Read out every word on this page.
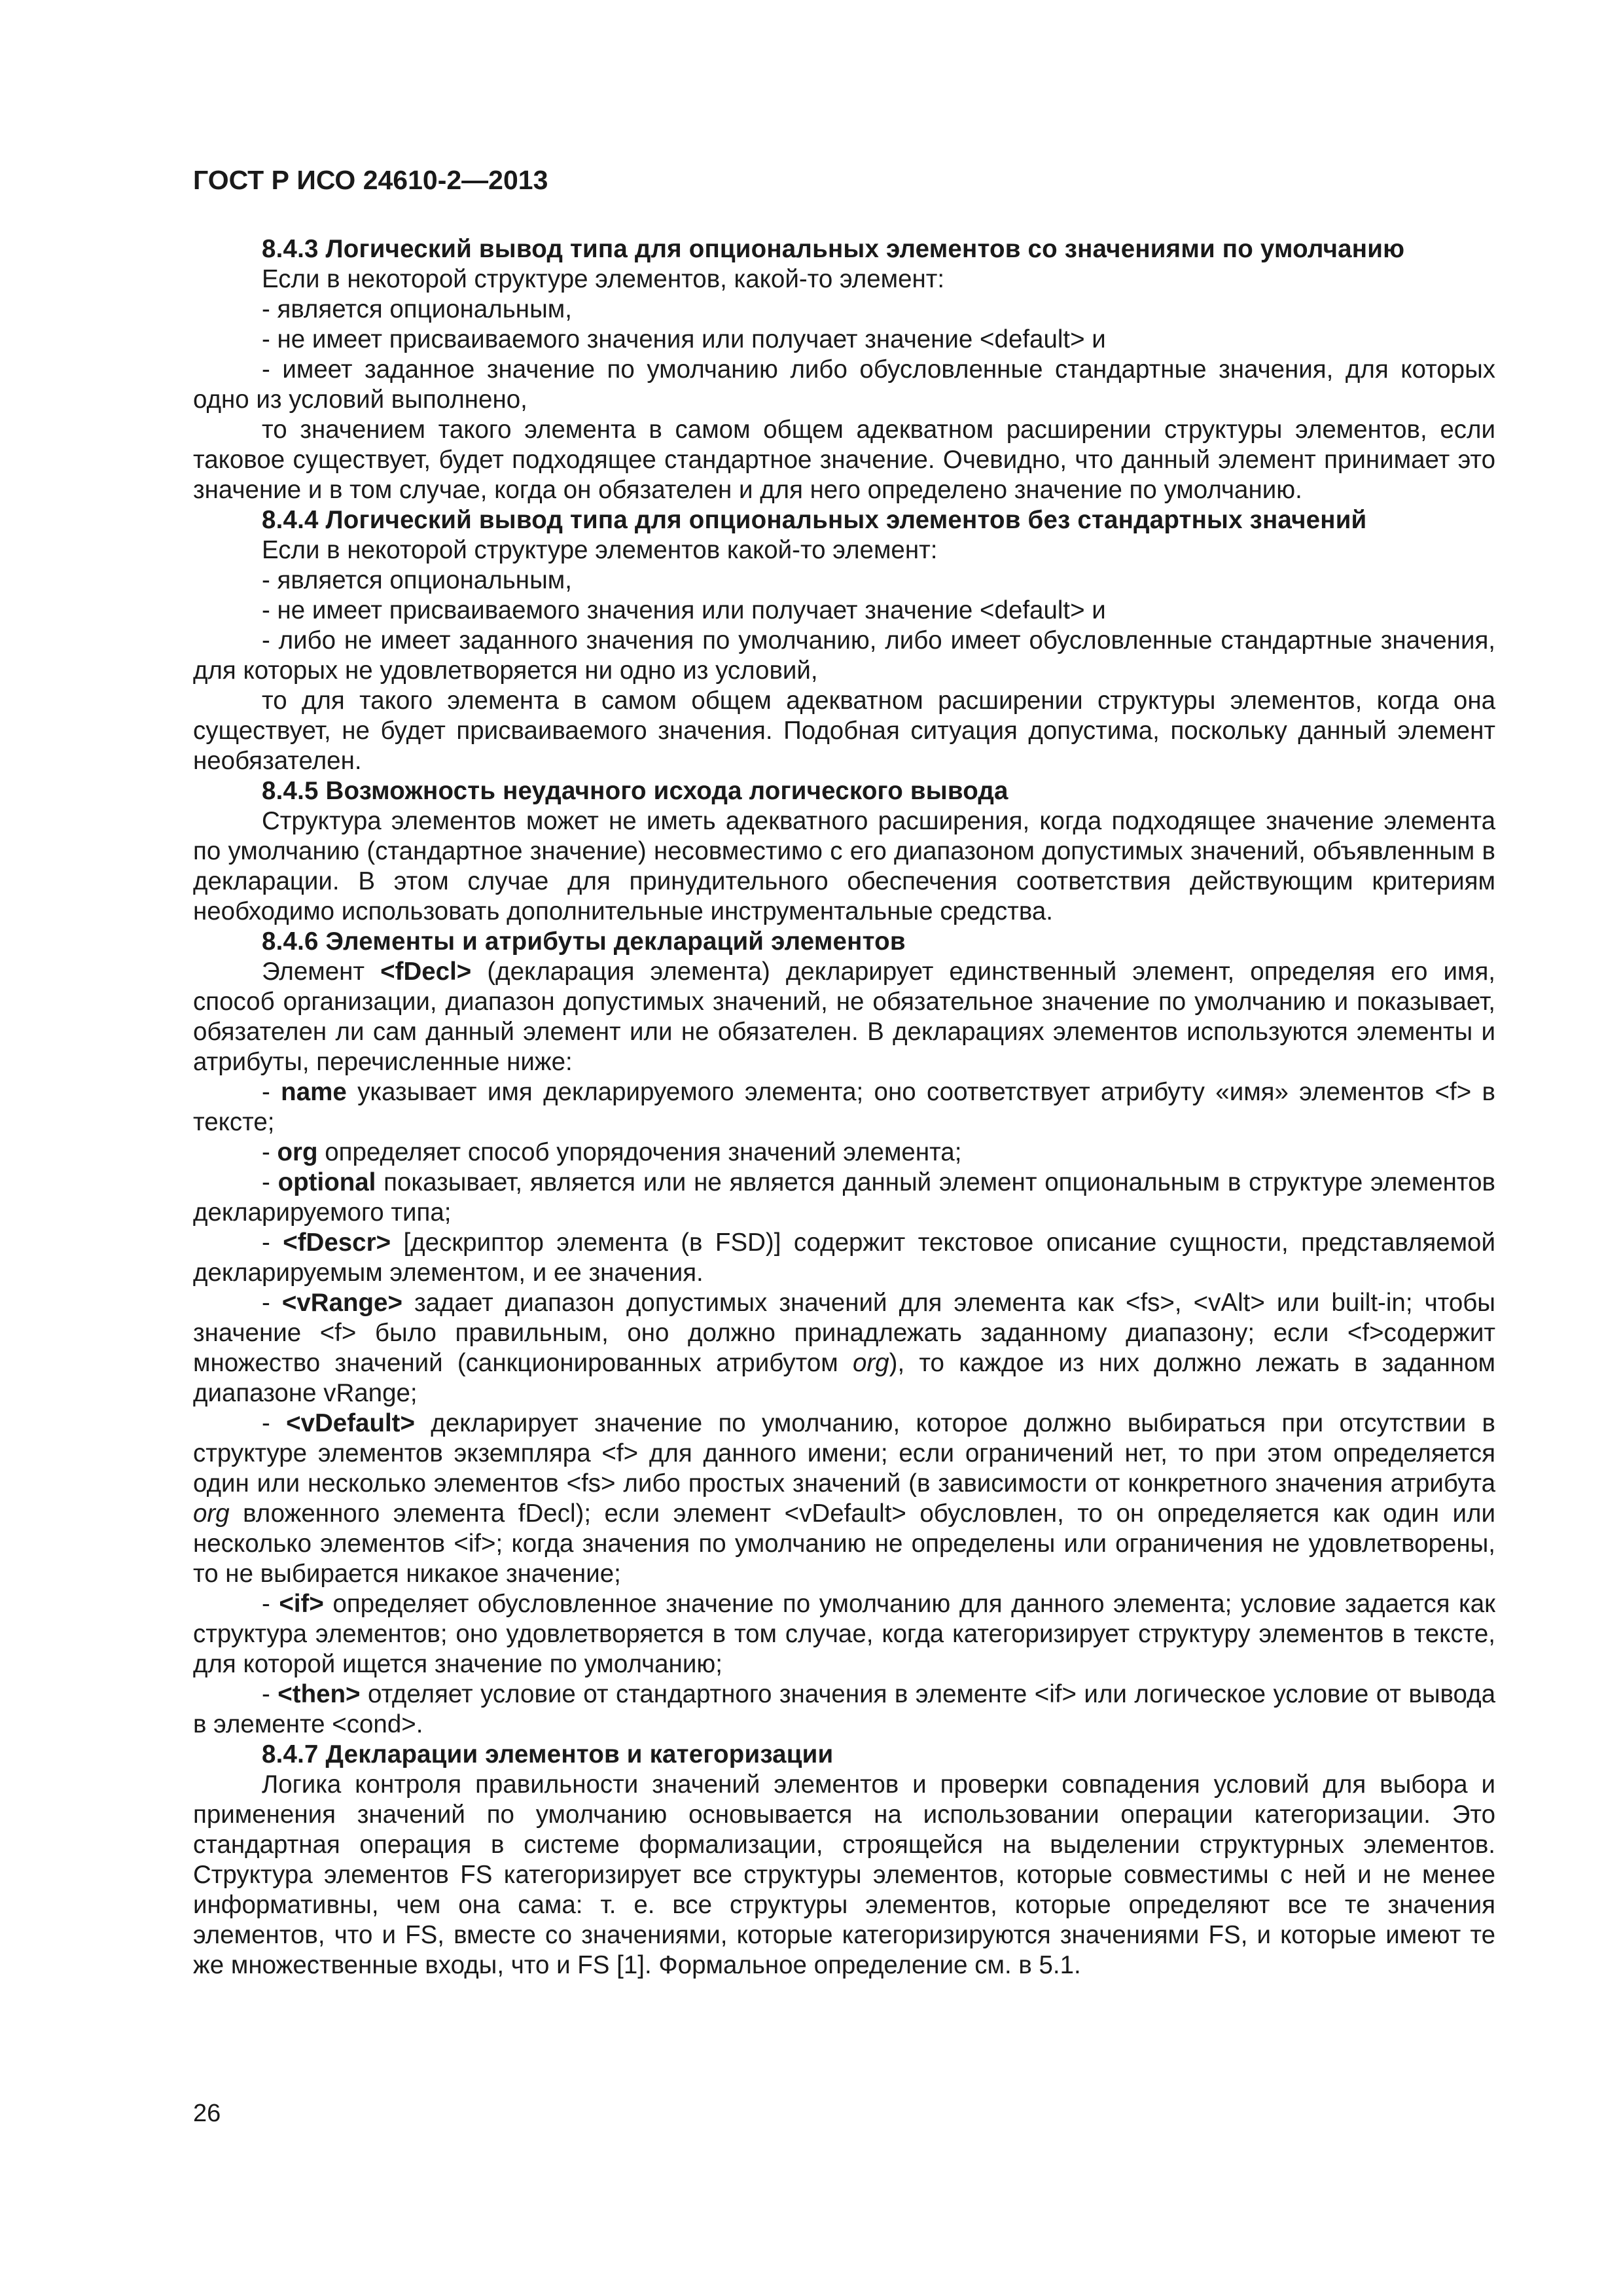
ГОСТ Р ИСО 24610-2—2013

8.4.3 Логический вывод типа для опциональных элементов со значениями по умолчанию

Если в некоторой структуре элементов, какой-то элемент:

- является опциональным,

- не имеет присваиваемого значения или получает значение <default> и

- имеет заданное значение по умолчанию либо обусловленные стандартные значения, для которых одно из условий выполнено,

то значением такого элемента в самом общем адекватном расширении структуры элементов, если таковое существует, будет подходящее стандартное значение. Очевидно, что данный элемент принимает это значение и в том случае, когда он обязателен и для него определено значение по умолчанию.

8.4.4 Логический вывод типа для опциональных элементов без стандартных значений

Если в некоторой структуре элементов какой-то элемент:

- является опциональным,

- не имеет присваиваемого значения или получает значение <default> и

- либо не имеет заданного значения по умолчанию, либо имеет обусловленные стандартные значения, для которых не удовлетворяется ни одно из условий,

то для такого элемента в самом общем адекватном расширении структуры элементов, когда она существует, не будет присваиваемого значения. Подобная ситуация допустима, поскольку данный элемент необязателен.

8.4.5 Возможность неудачного исхода логического вывода

Структура элементов может не иметь адекватного расширения, когда подходящее значение элемента по умолчанию (стандартное значение) несовместимо с его диапазоном допустимых значений, объявленным в декларации. В этом случае для принудительного обеспечения соответствия действующим критериям необходимо использовать дополнительные инструментальные средства.

8.4.6 Элементы и атрибуты деклараций элементов

Элемент <fDecl> (декларация элемента) декларирует единственный элемент, определяя его имя, способ организации, диапазон допустимых значений, не обязательное значение по умолчанию и показывает, обязателен ли сам данный элемент или не обязателен. В декларациях элементов используются элементы и атрибуты, перечисленные ниже:

- name указывает имя декларируемого элемента; оно соответствует атрибуту «имя» элементов <f> в тексте;

- org определяет способ упорядочения значений элемента;

- optional показывает, является или не является данный элемент опциональным в структуре элементов декларируемого типа;

- <fDescr> [дескриптор элемента (в FSD)] содержит текстовое описание сущности, представляемой декларируемым элементом, и ее значения.

- <vRange> задает диапазон допустимых значений для элемента как <fs>, <vAlt> или built-in; чтобы значение <f> было правильным, оно должно принадлежать заданному диапазону; если <f>содержит множество значений (санкционированных атрибутом org), то каждое из них должно лежать в заданном диапазоне vRange;

- <vDefault> декларирует значение по умолчанию, которое должно выбираться при отсутствии в структуре элементов экземпляра <f> для данного имени; если ограничений нет, то при этом определяется один или несколько элементов <fs> либо простых значений (в зависимости от конкретного значения атрибута org вложенного элемента fDecl); если элемент <vDefault> обусловлен, то он определяется как один или несколько элементов <if>; когда значения по умолчанию не определены или ограничения не удовлетворены, то не выбирается никакое значение;

- <if> определяет обусловленное значение по умолчанию для данного элемента; условие задается как структура элементов; оно удовлетворяется в том случае, когда категоризирует структуру элементов в тексте, для которой ищется значение по умолчанию;

- <then> отделяет условие от стандартного значения в элементе <if> или логическое условие от вывода в элементе <cond>.

8.4.7 Декларации элементов и категоризации

Логика контроля правильности значений элементов и проверки совпадения условий для выбора и применения значений по умолчанию основывается на использовании операции категоризации. Это стандартная операция в системе формализации, строящейся на выделении структурных элементов. Структура элементов FS категоризирует все структуры элементов, которые совместимы с ней и не менее информативны, чем она сама: т. е. все структуры элементов, которые определяют все те значения элементов, что и FS, вместе со значениями, которые категоризируются значениями FS, и которые имеют те же множественные входы, что и FS [1]. Формальное определение см. в 5.1.

26
